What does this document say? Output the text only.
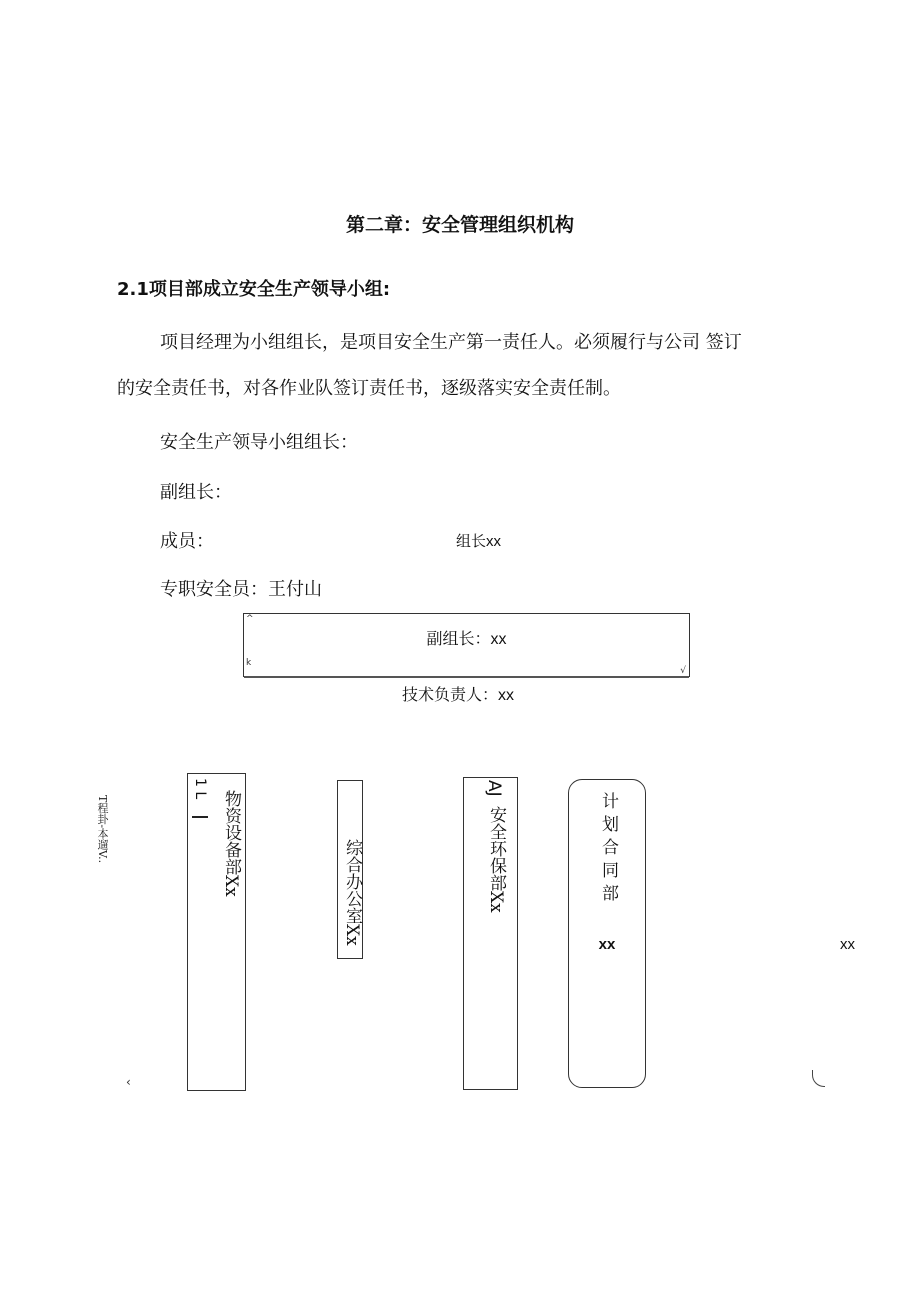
第二章：安全管理组织机构
2.1项目部成立安全生产领导小组:
项目经理为小组组长，是项目安全生产第一责任人。必须履行与公司 签订
的安全责任书，对各作业队签订责任书，逐级落实安全责任制。
安全生产领导小组组长：
副组长：
成员：
专职安全员：王付山
组长xx
^
k
√
副组长：xx
技术负责人：xx
T程卦-本遛V..
‹
1 L
物资设备部Xx	综合办公室Xx
AJ
安全环保部Xx	计划合同部
xx	xx
